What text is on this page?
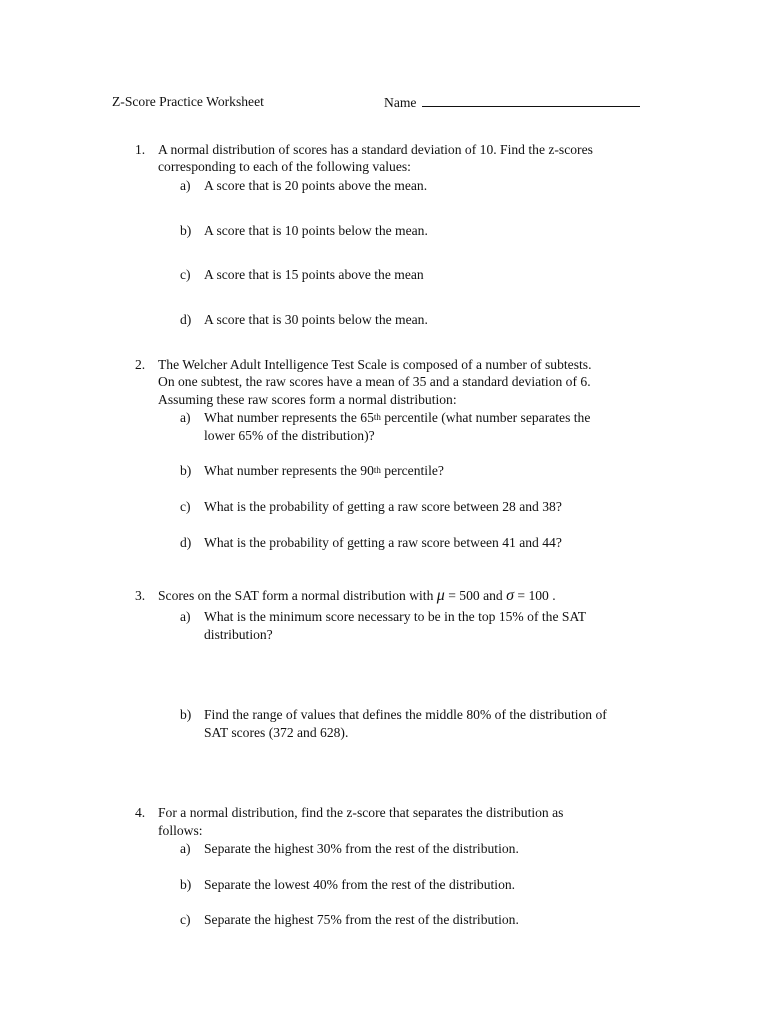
Z-Score Practice Worksheet	Name
1. A normal distribution of scores has a standard deviation of 10. Find the z-scores
corresponding to each of the following values:
a) A score that is 20 points above the mean.
b) A score that is 10 points below the mean.
c) A score that is 15 points above the mean
d) A score that is 30 points below the mean.
2. The Welcher Adult Intelligence Test Scale is composed of a number of subtests.
On one subtest, the raw scores have a mean of 35 and a standard deviation of 6.
Assuming these raw scores form a normal distribution:
a) What number represents the 65th percentile (what number separates the
lower 65% of the distribution)?
b) What number represents the 90th percentile?
c) What is the probability of getting a raw score between 28 and 38?
d) What is the probability of getting a raw score between 41 and 44?
3. Scores on the SAT form a normal distribution with μ = 500 and σ = 100 .
a) What is the minimum score necessary to be in the top 15% of the SAT
distribution?
b) Find the range of values that defines the middle 80% of the distribution of
SAT scores (372 and 628).
4. For a normal distribution, find the z-score that separates the distribution as
follows:
a) Separate the highest 30% from the rest of the distribution.
b) Separate the lowest 40% from the rest of the distribution.
c) Separate the highest 75% from the rest of the distribution.
